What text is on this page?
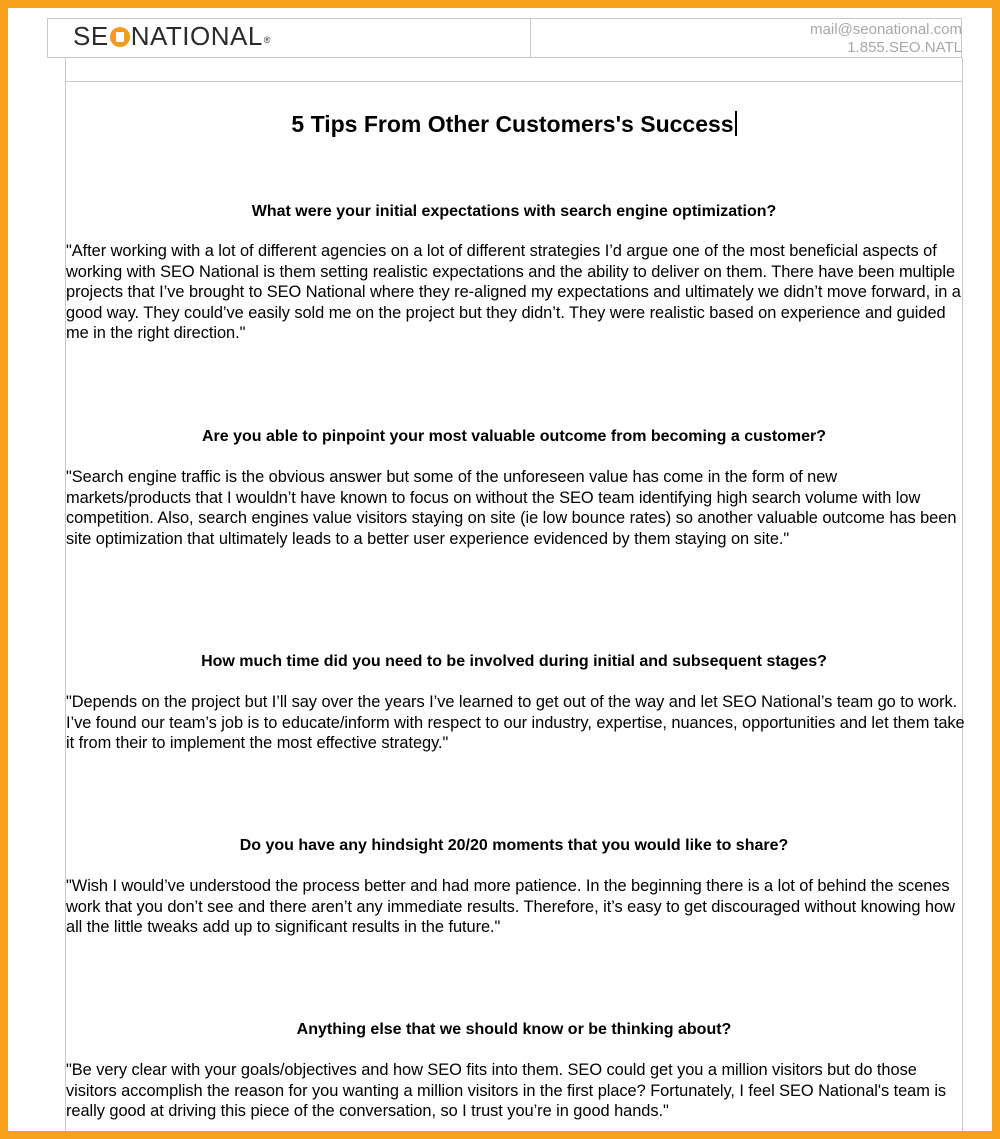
SE NATIONAL ®
mail@seonational.com
1.855.SEO.NATL
5 Tips From Other Customers's Success
What were your initial expectations with search engine optimization?
"After working with a lot of different agencies on a lot of different strategies I’d argue one of the most beneficial aspects of working with SEO National is them setting realistic expectations and the ability to deliver on them. There have been multiple projects that I’ve brought to SEO National where they re-aligned my expectations and ultimately we didn’t move forward, in a good way. They could’ve easily sold me on the project but they didn’t. They were realistic based on experience and guided me in the right direction."
Are you able to pinpoint your most valuable outcome from becoming a customer?
"Search engine traffic is the obvious answer but some of the unforeseen value has come in the form of new markets/products that I wouldn’t have known to focus on without the SEO team identifying high search volume with low competition. Also, search engines value visitors staying on site (ie low bounce rates) so another valuable outcome has been site optimization that ultimately leads to a better user experience evidenced by them staying on site."
How much time did you need to be involved during initial and subsequent stages?
"Depends on the project but I’ll say over the years I’ve learned to get out of the way and let SEO National’s team go to work. I’ve found our team’s job is to educate/inform with respect to our industry, expertise, nuances, opportunities and let them take it from their to implement the most effective strategy."
Do you have any hindsight 20/20 moments that you would like to share?
"Wish I would’ve understood the process better and had more patience. In the beginning there is a lot of behind the scenes work that you don’t see and there aren’t any immediate results. Therefore, it’s easy to get discouraged without knowing how all the little tweaks add up to significant results in the future."
Anything else that we should know or be thinking about?
"Be very clear with your goals/objectives and how SEO fits into them. SEO could get you a million visitors but do those visitors accomplish the reason for you wanting a million visitors in the first place? Fortunately, I feel SEO National's team is really good at driving this piece of the conversation, so I trust you’re in good hands."
